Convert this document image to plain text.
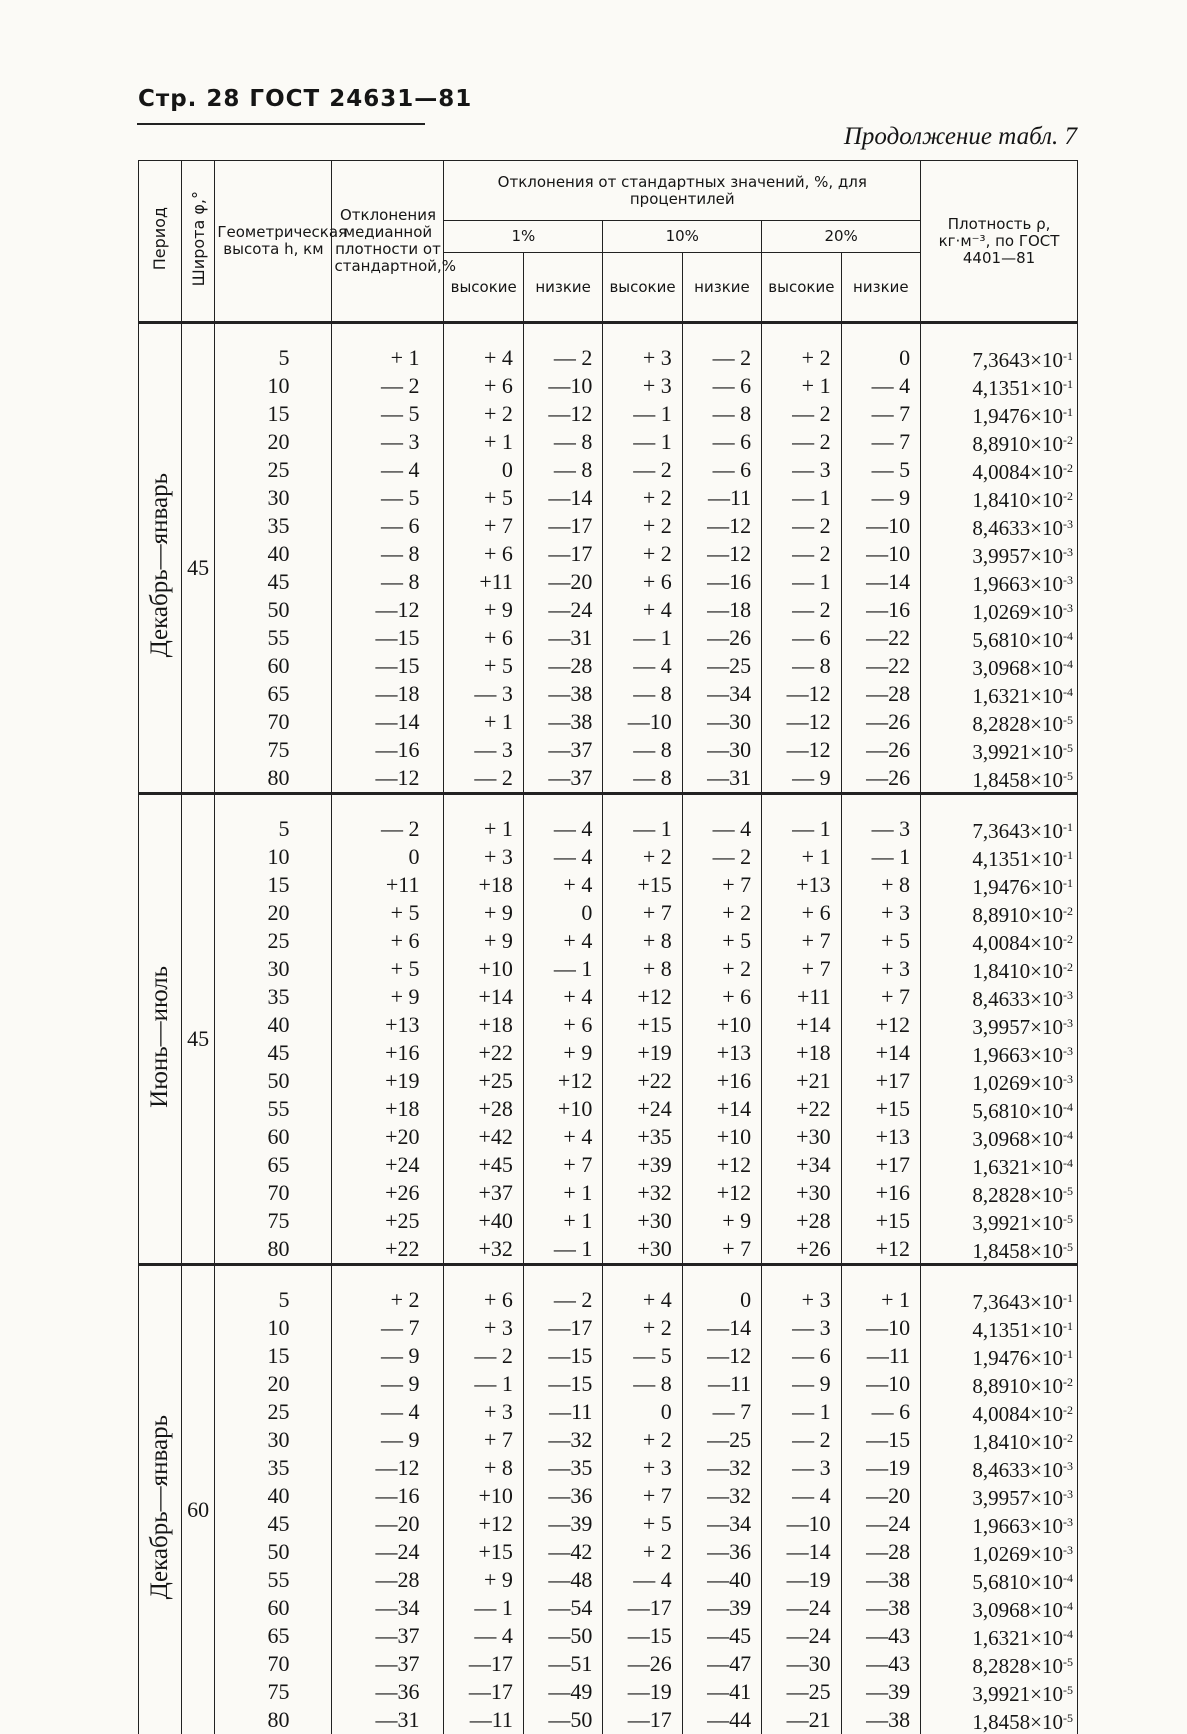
Стр. 28 ГОСТ 24631—81
Продолжение табл. 7
Период	Широта φ,°	Геометрическая высота h, км	Отклонения медианной плотности от стандартной,%	Отклонения от стандартных значений, %, для процентилей						Плотность ρ, кг·м⁻³, по ГОСТ 4401—81
				1%		10%		20%		
				высокие	низкие	высокие	низкие	высокие	низкие	
Декабрь—январь	45	5	+ 1	+ 4	— 2	+ 3	— 2	+ 2	0	$7,3643\times 10^{-1}$
		10	— 2	+ 6	—10	+ 3	— 6	+ 1	— 4	$4,1351\times 10^{-1}$
		15	— 5	+ 2	—12	— 1	— 8	— 2	— 7	$1,9476\times 10^{-1}$
		20	— 3	+ 1	— 8	— 1	— 6	— 2	— 7	$8,8910\times 10^{-2}$
		25	— 4	0	— 8	— 2	— 6	— 3	— 5	$4,0084\times 10^{-2}$
		30	— 5	+ 5	—14	+ 2	—11	— 1	— 9	$1,8410\times 10^{-2}$
		35	— 6	+ 7	—17	+ 2	—12	— 2	—10	$8,4633\times 10^{-3}$
		40	— 8	+ 6	—17	+ 2	—12	— 2	—10	$3,9957\times 10^{-3}$
		45	— 8	+11	—20	+ 6	—16	— 1	—14	$1,9663\times 10^{-3}$
		50	—12	+ 9	—24	+ 4	—18	— 2	—16	$1,0269\times 10^{-3}$
		55	—15	+ 6	—31	— 1	—26	— 6	—22	$5,6810\times 10^{-4}$
		60	—15	+ 5	—28	— 4	—25	— 8	—22	$3,0968\times 10^{-4}$
		65	—18	— 3	—38	— 8	—34	—12	—28	$1,6321\times 10^{-4}$
		70	—14	+ 1	—38	—10	—30	—12	—26	$8,2828\times 10^{-5}$
		75	—16	— 3	—37	— 8	—30	—12	—26	$3,9921\times 10^{-5}$
		80	—12	— 2	—37	— 8	—31	— 9	—26	$1,8458\times 10^{-5}$
Июнь—июль	45	5	— 2	+ 1	— 4	— 1	— 4	— 1	— 3	$7,3643\times 10^{-1}$
		10	0	+ 3	— 4	+ 2	— 2	+ 1	— 1	$4,1351\times 10^{-1}$
		15	+11	+18	+ 4	+15	+ 7	+13	+ 8	$1,9476\times 10^{-1}$
		20	+ 5	+ 9	0	+ 7	+ 2	+ 6	+ 3	$8,8910\times 10^{-2}$
		25	+ 6	+ 9	+ 4	+ 8	+ 5	+ 7	+ 5	$4,0084\times 10^{-2}$
		30	+ 5	+10	— 1	+ 8	+ 2	+ 7	+ 3	$1,8410\times 10^{-2}$
		35	+ 9	+14	+ 4	+12	+ 6	+11	+ 7	$8,4633\times 10^{-3}$
		40	+13	+18	+ 6	+15	+10	+14	+12	$3,9957\times 10^{-3}$
		45	+16	+22	+ 9	+19	+13	+18	+14	$1,9663\times 10^{-3}$
		50	+19	+25	+12	+22	+16	+21	+17	$1,0269\times 10^{-3}$
		55	+18	+28	+10	+24	+14	+22	+15	$5,6810\times 10^{-4}$
		60	+20	+42	+ 4	+35	+10	+30	+13	$3,0968\times 10^{-4}$
		65	+24	+45	+ 7	+39	+12	+34	+17	$1,6321\times 10^{-4}$
		70	+26	+37	+ 1	+32	+12	+30	+16	$8,2828\times 10^{-5}$
		75	+25	+40	+ 1	+30	+ 9	+28	+15	$3,9921\times 10^{-5}$
		80	+22	+32	— 1	+30	+ 7	+26	+12	$1,8458\times 10^{-5}$
Декабрь—январь	60	5	+ 2	+ 6	— 2	+ 4	0	+ 3	+ 1	$7,3643\times 10^{-1}$
		10	— 7	+ 3	—17	+ 2	—14	— 3	—10	$4,1351\times 10^{-1}$
		15	— 9	— 2	—15	— 5	—12	— 6	—11	$1,9476\times 10^{-1}$
		20	— 9	— 1	—15	— 8	—11	— 9	—10	$8,8910\times 10^{-2}$
		25	— 4	+ 3	—11	0	— 7	— 1	— 6	$4,0084\times 10^{-2}$
		30	— 9	+ 7	—32	+ 2	—25	— 2	—15	$1,8410\times 10^{-2}$
		35	—12	+ 8	—35	+ 3	—32	— 3	—19	$8,4633\times 10^{-3}$
		40	—16	+10	—36	+ 7	—32	— 4	—20	$3,9957\times 10^{-3}$
		45	—20	+12	—39	+ 5	—34	—10	—24	$1,9663\times 10^{-3}$
		50	—24	+15	—42	+ 2	—36	—14	—28	$1,0269\times 10^{-3}$
		55	—28	+ 9	—48	— 4	—40	—19	—38	$5,6810\times 10^{-4}$
		60	—34	— 1	—54	—17	—39	—24	—38	$3,0968\times 10^{-4}$
		65	—37	— 4	—50	—15	—45	—24	—43	$1,6321\times 10^{-4}$
		70	—37	—17	—51	—26	—47	—30	—43	$8,2828\times 10^{-5}$
		75	—36	—17	—49	—19	—41	—25	—39	$3,9921\times 10^{-5}$
		80	—31	—11	—50	—17	—44	—21	—38	$1,8458\times 10^{-5}$
